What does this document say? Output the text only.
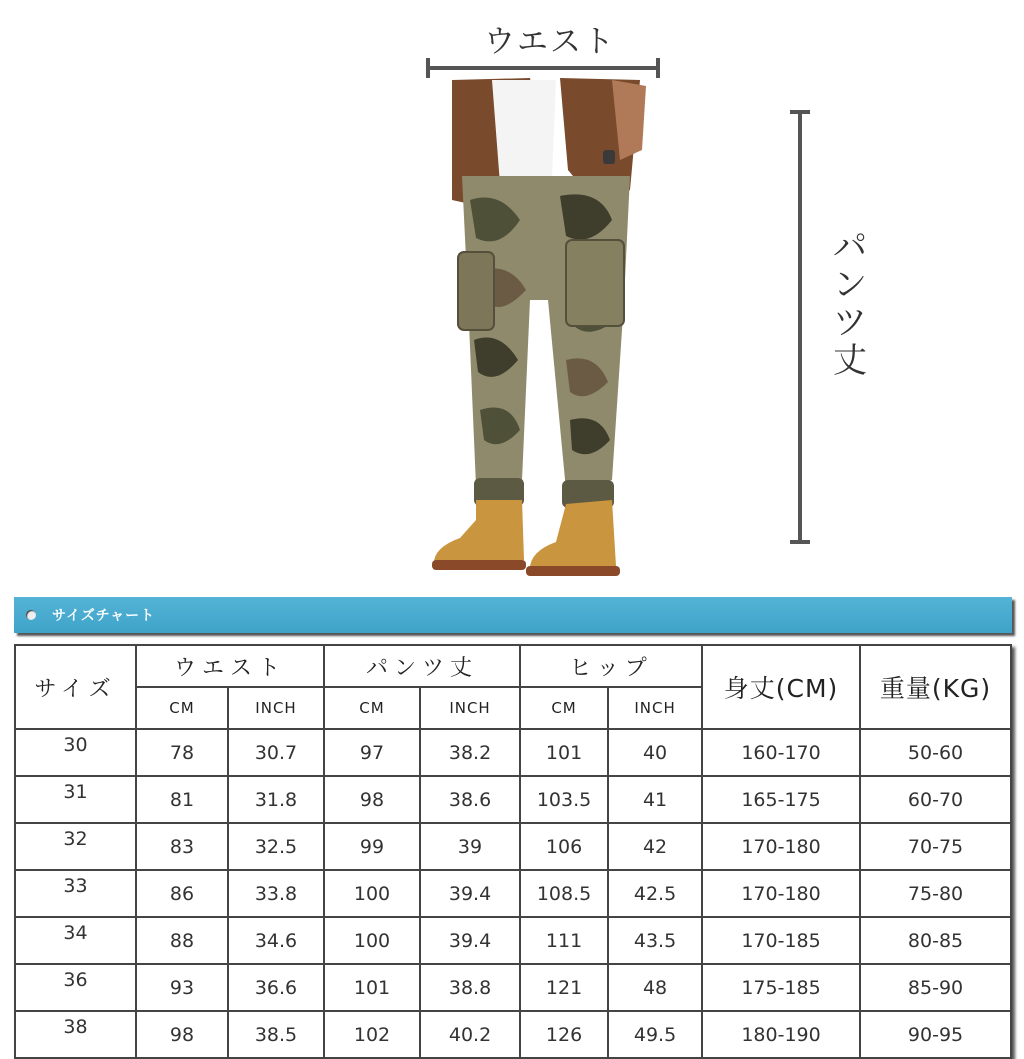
ウエスト
パンツ丈
サイズチャート
サイズ	ウエスト		パンツ丈		ヒップ		身丈(CM)	重量(KG)
	CM	INCH	CM	INCH	CM	INCH		
30	78	30.7	97	38.2	101	40	160-170	50-60
31	81	31.8	98	38.6	103.5	41	165-175	60-70
32	83	32.5	99	39	106	42	170-180	70-75
33	86	33.8	100	39.4	108.5	42.5	170-180	75-80
34	88	34.6	100	39.4	111	43.5	170-185	80-85
36	93	36.6	101	38.8	121	48	175-185	85-90
38	98	38.5	102	40.2	126	49.5	180-190	90-95
